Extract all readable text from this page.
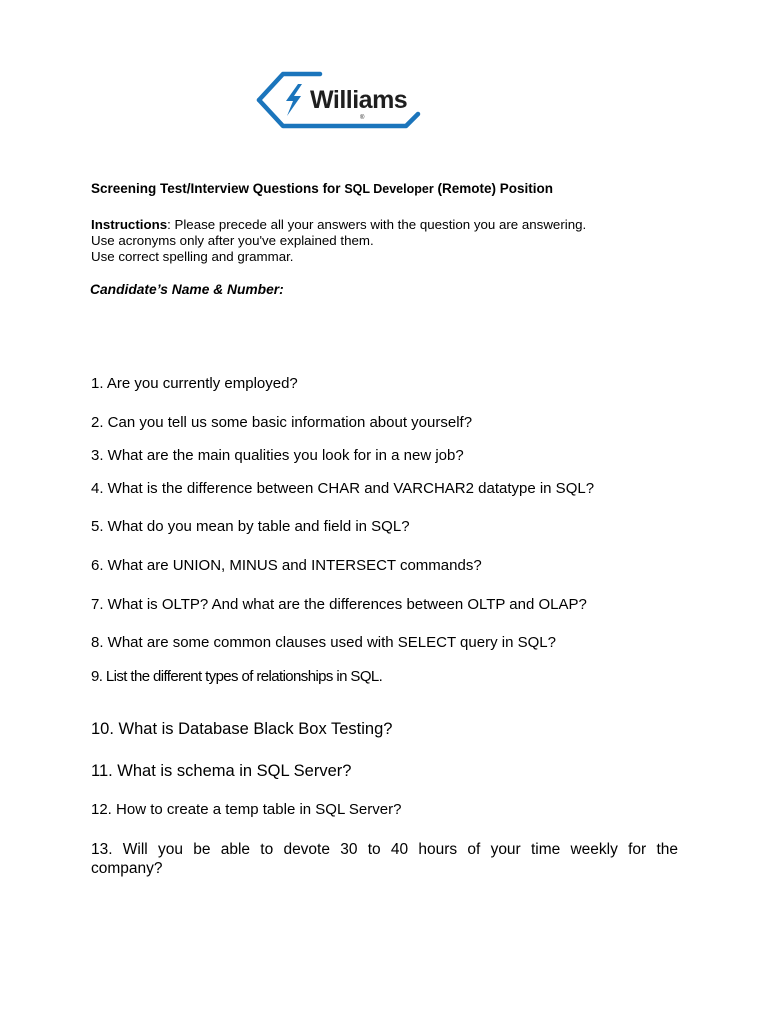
Williams
®
Screening Test/Interview Questions for SQL Developer (Remote) Position
Instructions: Please precede all your answers with the question you are answering.
Use acronyms only after you've explained them.
Use correct spelling and grammar.
Candidate’s Name & Number:
1. Are you currently employed?
2. Can you tell us some basic information about yourself?
3. What are the main qualities you look for in a new job?
4. What is the difference between CHAR and VARCHAR2 datatype in SQL?
5. What do you mean by table and field in SQL?
6. What are UNION, MINUS and INTERSECT commands?
7. What is OLTP? And what are the differences between OLTP and OLAP?
8. What are some common clauses used with SELECT query in SQL?
9. List the different types of relationships in SQL.
10. What is Database Black Box Testing?
11. What is schema in SQL Server?
12. How to create a temp table in SQL Server?
13. Will you be able to devote 30 to 40 hours of your time weekly for the
company?
